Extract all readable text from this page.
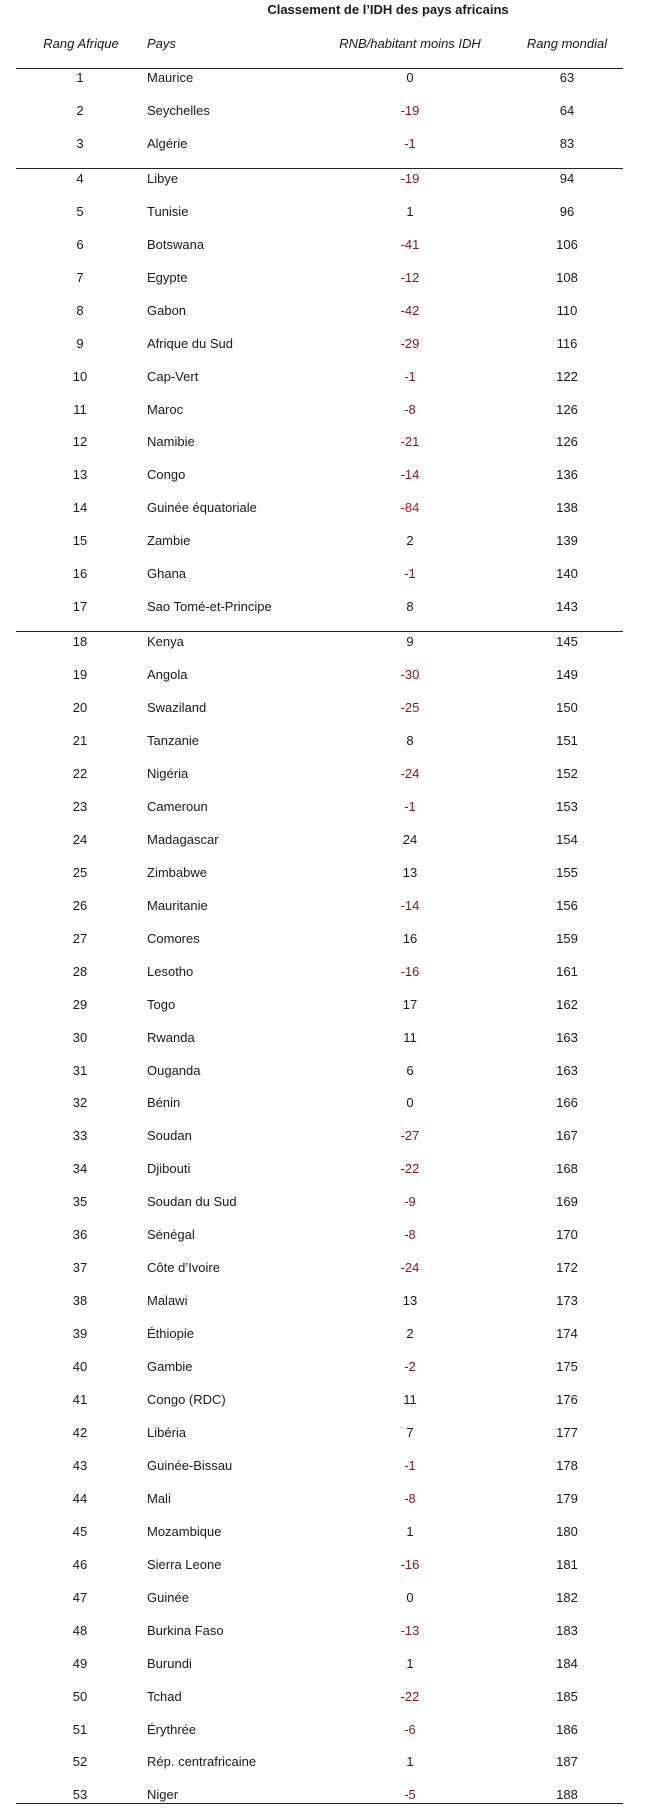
Classement de l’IDH des pays africains
Rang Afrique	Pays	RNB/habitant moins IDH	Rang mondial
1	Maurice	0	63
2	Seychelles	-19	64
3	Algérie	-1	83
4	Libye	-19	94
5	Tunisie	1	96
6	Botswana	-41	106
7	Egypte	-12	108
8	Gabon	-42	110
9	Afrique du Sud	-29	116
10	Cap-Vert	-1	122
11	Maroc	-8	126
12	Namibie	-21	126
13	Congo	-14	136
14	Guinée équatoriale	-84	138
15	Zambie	2	139
16	Ghana	-1	140
17	Sao Tomé-et-Principe	8	143
18	Kenya	9	145
19	Angola	-30	149
20	Swaziland	-25	150
21	Tanzanie	8	151
22	Nigéria	-24	152
23	Cameroun	-1	153
24	Madagascar	24	154
25	Zimbabwe	13	155
26	Mauritanie	-14	156
27	Comores	16	159
28	Lesotho	-16	161
29	Togo	17	162
30	Rwanda	11	163
31	Ouganda	6	163
32	Bénin	0	166
33	Soudan	-27	167
34	Djibouti	-22	168
35	Soudan du Sud	-9	169
36	Sénégal	-8	170
37	Côte d’Ivoire	-24	172
38	Malawi	13	173
39	Éthiopie	2	174
40	Gambie	-2	175
41	Congo (RDC)	11	176
42	Libéria	7	177
43	Guinée-Bissau	-1	178
44	Mali	-8	179
45	Mozambique	1	180
46	Sierra Leone	-16	181
47	Guinée	0	182
48	Burkina Faso	-13	183
49	Burundi	1	184
50	Tchad	-22	185
51	Érythrée	-6	186
52	Rép. centrafricaine	1	187
53	Niger	-5	188
